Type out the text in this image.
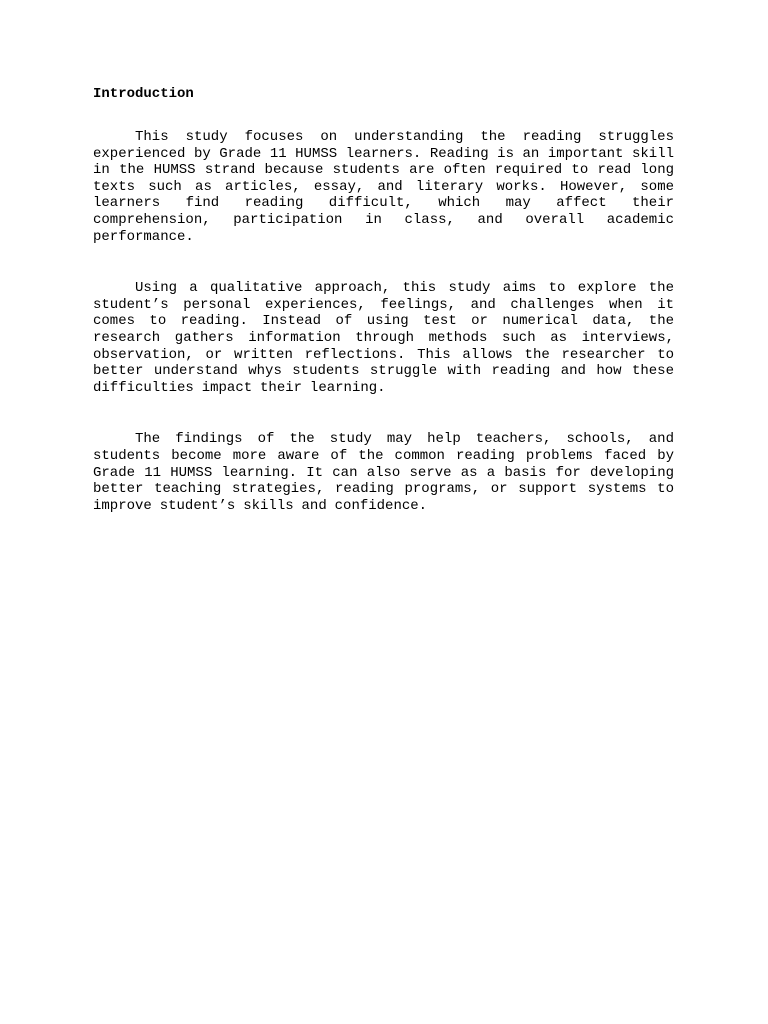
Introduction

This study focuses on understanding the reading struggles experienced by Grade 11 HUMSS learners. Reading is an important skill in the HUMSS strand because students are often required to read long texts such as articles, essay, and literary works. However, some learners find reading difficult, which may affect their comprehension, participation in class, and overall academic performance.

Using a qualitative approach, this study aims to explore the student’s personal experiences, feelings, and challenges when it comes to reading. Instead of using test or numerical data, the research gathers information through methods such as interviews, observation, or written reflections. This allows the researcher to better understand whys students struggle with reading and how these difficulties impact their learning.

The findings of the study may help teachers, schools, and students become more aware of the common reading problems faced by Grade 11 HUMSS learning. It can also serve as a basis for developing better teaching strategies, reading programs, or support systems to improve student’s skills and confidence.
